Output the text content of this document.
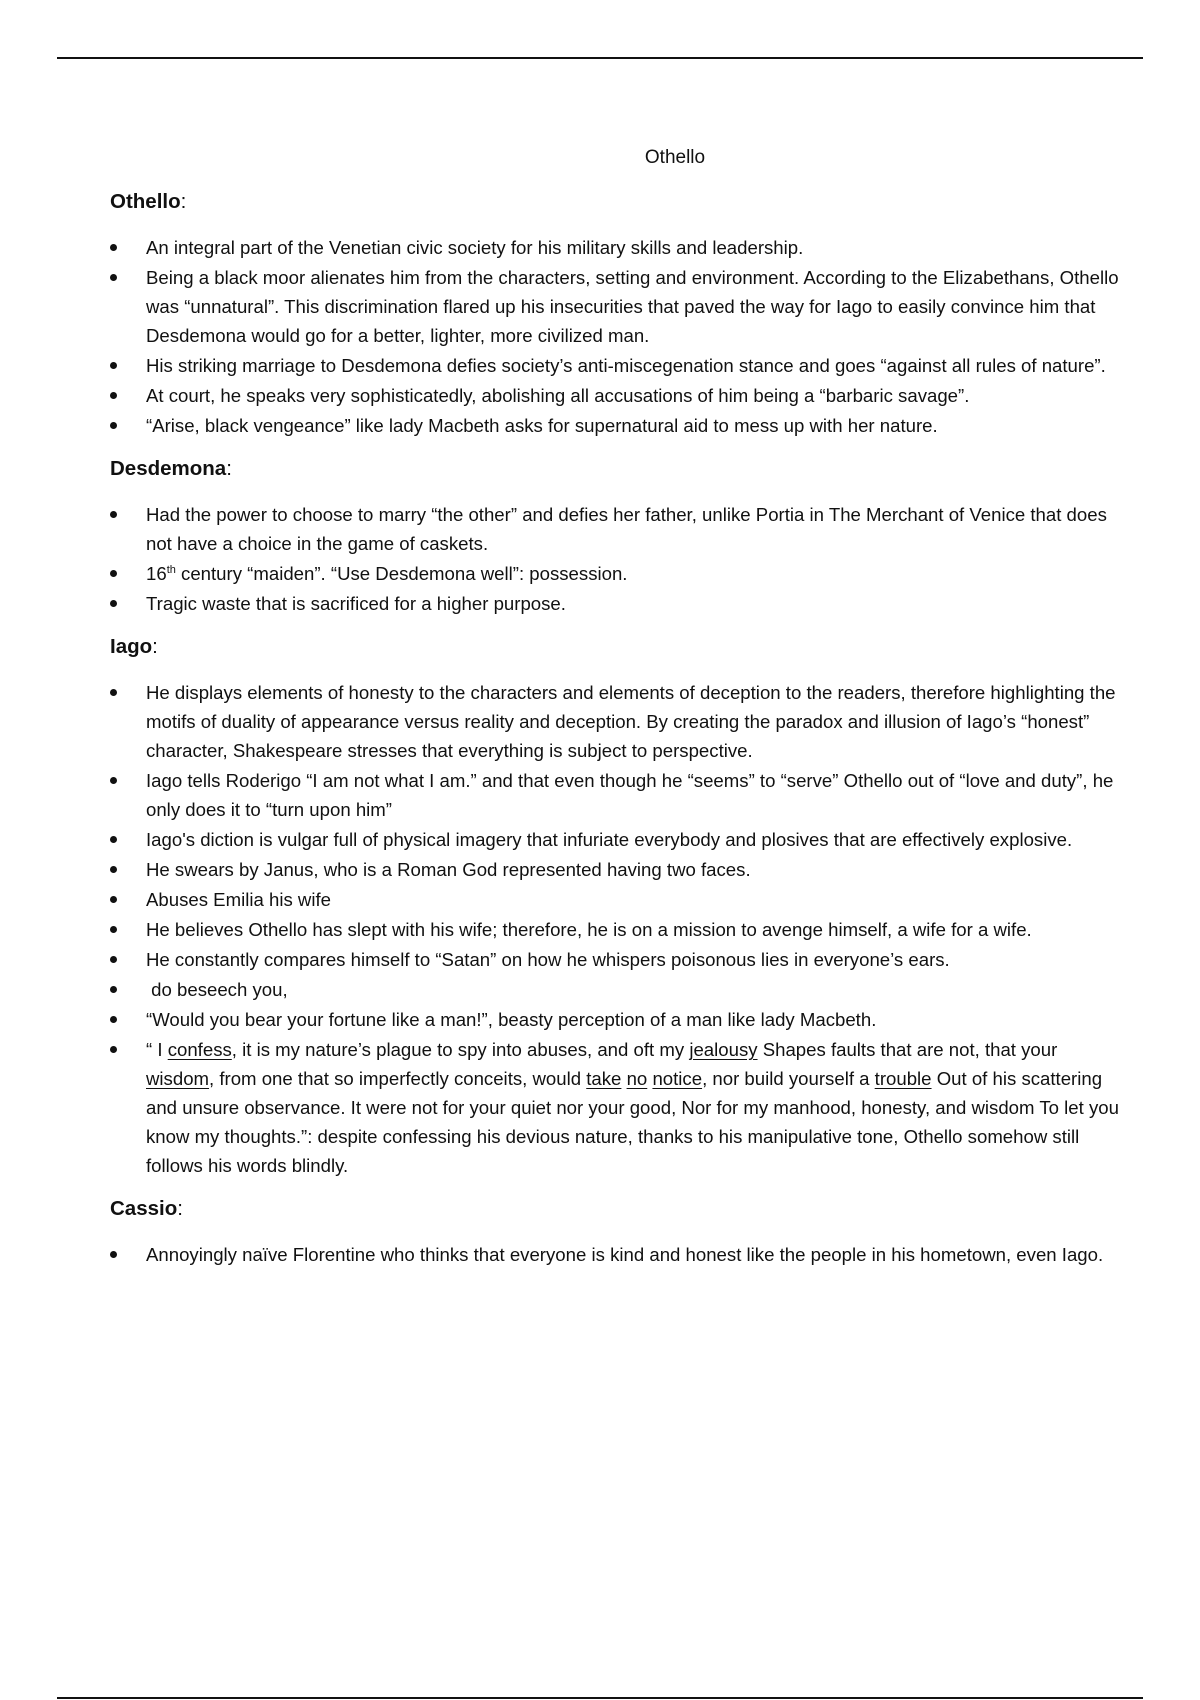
Othello
Othello:
An integral part of the Venetian civic society for his military skills and leadership.
Being a black moor alienates him from the characters, setting and environment. According to the Elizabethans, Othello was “unnatural”. This discrimination flared up his insecurities that paved the way for Iago to easily convince him that Desdemona would go for a better, lighter, more civilized man.
His striking marriage to Desdemona defies society’s anti-miscegenation stance and goes “against all rules of nature”.
At court, he speaks very sophisticatedly, abolishing all accusations of him being a “barbaric savage”.
“Arise, black vengeance” like lady Macbeth asks for supernatural aid to mess up with her nature.
Desdemona:
Had the power to choose to marry “the other” and defies her father, unlike Portia in The Merchant of Venice that does not have a choice in the game of caskets.
16th century “maiden”. “Use Desdemona well”: possession.
Tragic waste that is sacrificed for a higher purpose.
Iago:
He displays elements of honesty to the characters and elements of deception to the readers, therefore highlighting the motifs of duality of appearance versus reality and deception. By creating the paradox and illusion of Iago’s “honest” character, Shakespeare stresses that everything is subject to perspective.
Iago tells Roderigo “I am not what I am.” and that even though he “seems” to “serve” Othello out of “love and duty”, he only does it to “turn upon him”
Iago's diction is vulgar full of physical imagery that infuriate everybody and plosives that are effectively explosive.
He swears by Janus, who is a Roman God represented having two faces.
Abuses Emilia his wife
He believes Othello has slept with his wife; therefore, he is on a mission to avenge himself, a wife for a wife.
He constantly compares himself to “Satan” on how he whispers poisonous lies in everyone’s ears.
do beseech you,
“Would you bear your fortune like a man!”, beasty perception of a man like lady Macbeth.
“ I confess, it is my nature’s plague to spy into abuses, and oft my jealousy Shapes faults that are not, that your wisdom, from one that so imperfectly conceits, would take no notice, nor build yourself a trouble Out of his scattering and unsure observance. It were not for your quiet nor your good, Nor for my manhood, honesty, and wisdom To let you know my thoughts.”: despite confessing his devious nature, thanks to his manipulative tone, Othello somehow still follows his words blindly.
Cassio:
Annoyingly naïve Florentine who thinks that everyone is kind and honest like the people in his hometown, even Iago.
